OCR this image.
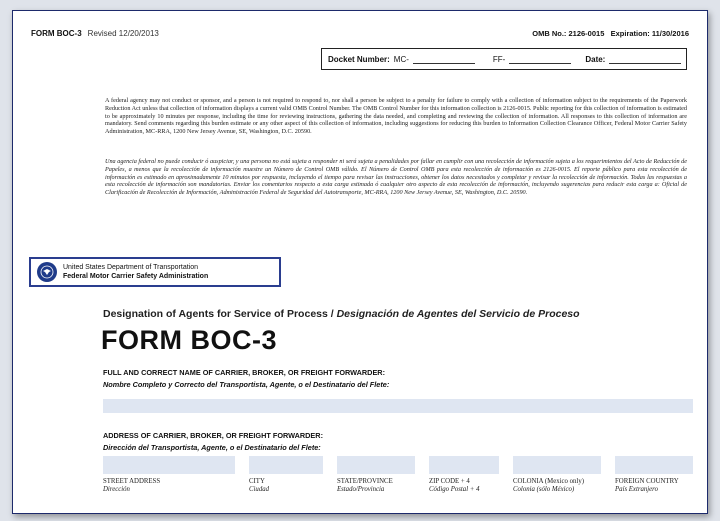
FORM BOC-3 Revised 12/20/2013	OMB No.: 2126-0015   Expiration: 11/30/2016
Docket Number: MC-	FF-	Date:
A federal agency may not conduct or sponsor, and a person is not required to respond to, nor shall a person be subject to a penalty for failure to comply with a collection of information subject to the requirements of the Paperwork Reduction Act unless that collection of information displays a current valid OMB Control Number. The OMB Control Number for this information collection is 2126-0015. Public reporting for this collection of information is estimated to be approximately 10 minutes per response, including the time for reviewing instructions, gathering the data needed, and completing and reviewing the collection of information. All responses to this collection of information are mandatory. Send comments regarding this burden estimate or any other aspect of this collection of information, including suggestions for reducing this burden to Information Collection Clearance Officer, Federal Motor Carrier Safety Administration, MC-RRA, 1200 New Jersey Avenue, SE, Washington, D.C. 20590.
Una agencia federal no puede conducir ó auspiciar, y una persona no está sujeta a responder ni será sujeta a penalidades por fallar en cumplir con una recolección de información sujeta a los requerimientos del Acto de Reducción de Papeles, a menos que la recolección de información muestre un Número de Control OMB válido. El Número de Control OMB para esta recolección de información es 2126-0015. El reporte público para esta recolección de información es estimado en aproximadamente 10 minutos por respuesta, incluyendo el tiempo para revisar las instrucciones, obtener los datos necesitados y completar y revisar la recolección de información. Todas las respuestas a esta recolección de información son mandatorias. Enviar los comentarios respecto a esta carga estimada ó cualquier otro aspecto de esta recolección de información, incluyendo sugerencias para reducir esta carga a: Oficial de Clarificación de Recolección de Información, Administración Federal de Seguridad del Autotransporte, MC-RRA, 1200 New Jersey Avenue, SE, Washington, D.C. 20590.
United States Department of Transportation
Federal Motor Carrier Safety Administration
Designation of Agents for Service of Process / Designación de Agentes del Servicio de Proceso
FORM BOC-3
FULL AND CORRECT NAME OF CARRIER, BROKER, OR FREIGHT FORWARDER:
Nombre Completo y Correcto del Transportista, Agente, o el Destinatario del Flete:
ADDRESS OF CARRIER, BROKER, OR FREIGHT FORWARDER:
Dirección del Transportista, Agente, o el Destinatario del Flete:
STREET ADDRESS
Dirección
CITY
Ciudad
STATE/PROVINCE
Estado/Provincia
ZIP CODE + 4
Código Postal + 4
COLONIA (Mexico only)
Colonia (sólo México)
FOREIGN COUNTRY
País Extranjero
